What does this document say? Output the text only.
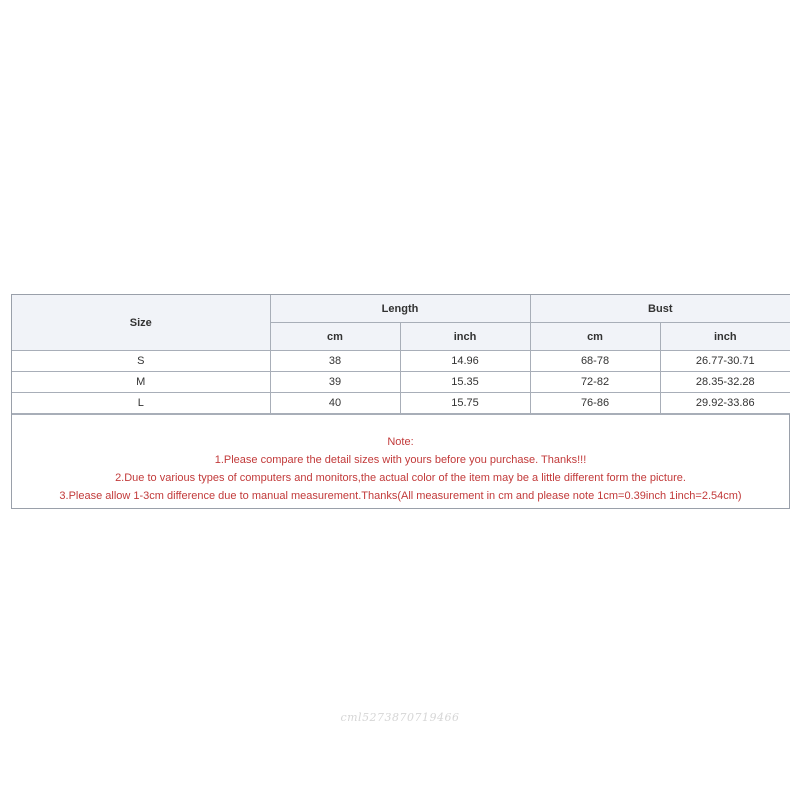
Size	Length		Bust	
	cm	inch	cm	inch
S	38	14.96	68-78	26.77-30.71
M	39	15.35	72-82	28.35-32.28
L	40	15.75	76-86	29.92-33.86
Note:
1.Please compare the detail sizes with yours before you purchase. Thanks!!!
2.Due to various types of computers and monitors,the actual color of the item may be a little different form the picture.
3.Please allow 1-3cm difference due to manual measurement.Thanks(All measurement in cm and please note 1cm=0.39inch 1inch=2.54cm)
cml5273870719466
